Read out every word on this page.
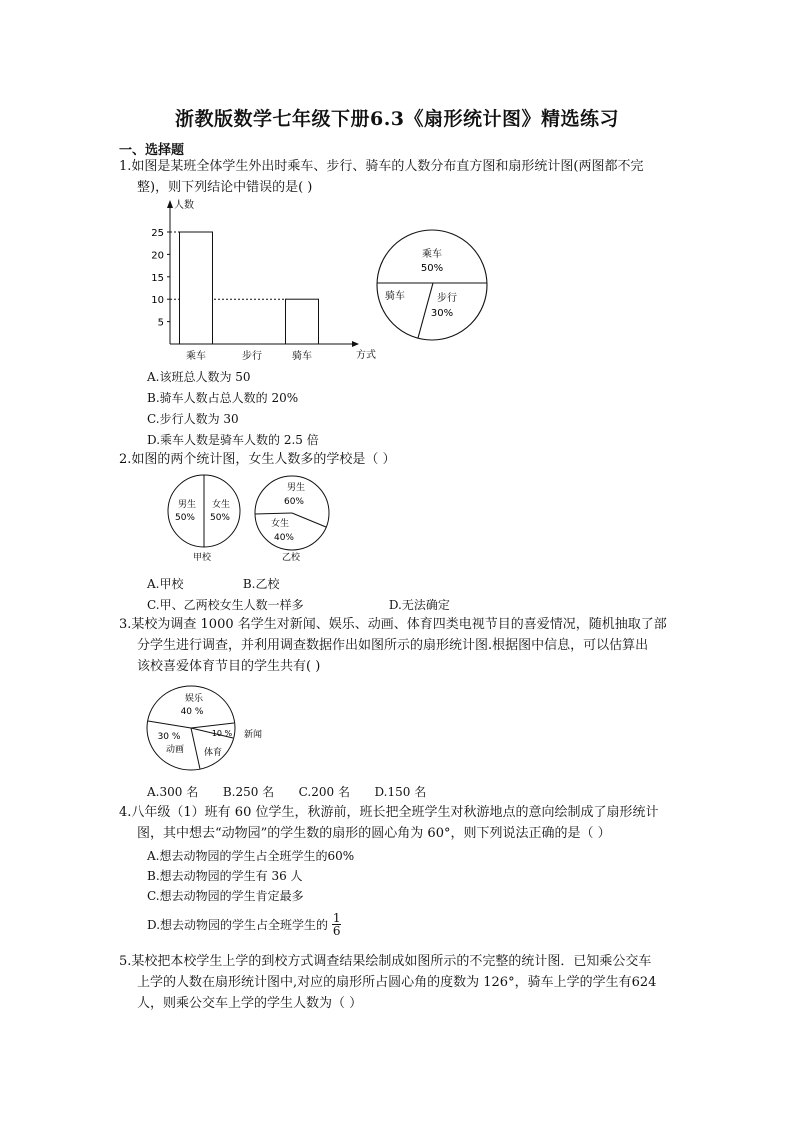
浙教版数学七年级下册6.3《扇形统计图》精选练习
一、选择题
1.如图是某班全体学生外出时乘车、步行、骑车的人数分布直方图和扇形统计图(两图都不完
整)，则下列结论中错误的是( )
人数
方式
5
10
15
20
25
乘车	步行	骑车
乘车
50%
步行
30%
骑车
A.该班总人数为 50
B.骑车人数占总人数的 20%
C.步行人数为 30
D.乘车人数是骑车人数的 2.5 倍
2.如图的两个统计图，女生人数多的学校是（ ）
男生
50%
女生
50%
甲校
男生
60%
女生
40%
乙校
A.甲校	B.乙校
C.甲、乙两校女生人数一样多	D.无法确定
3.某校为调查 1000 名学生对新闻、娱乐、动画、体育四类电视节目的喜爱情况，随机抽取了部
分学生进行调查，并利用调查数据作出如图所示的扇形统计图.根据图中信息，可以估算出
该校喜爱体育节目的学生共有( )
娱乐
40 %
10 % 新闻
体育
30 %
动画
A.300 名 B.250 名 C.200 名 D.150 名
4.八年级（1）班有 60 位学生，秋游前，班长把全班学生对秋游地点的意向绘制成了扇形统计
图，其中想去“动物园”的学生数的扇形的圆心角为 60°，则下列说法正确的是（ ）
A.想去动物园的学生占全班学生的60%
B.想去动物园的学生有 36 人
C.想去动物园的学生肯定最多
D.想去动物园的学生占全班学生的 $\frac{1}{6}$
5.某校把本校学生上学的到校方式调查结果绘制成如图所示的不完整的统计图．已知乘公交车
上学的人数在扇形统计图中,对应的扇形所占圆心角的度数为 126°，骑车上学的学生有624
人，则乘公交车上学的学生人数为（ ）
